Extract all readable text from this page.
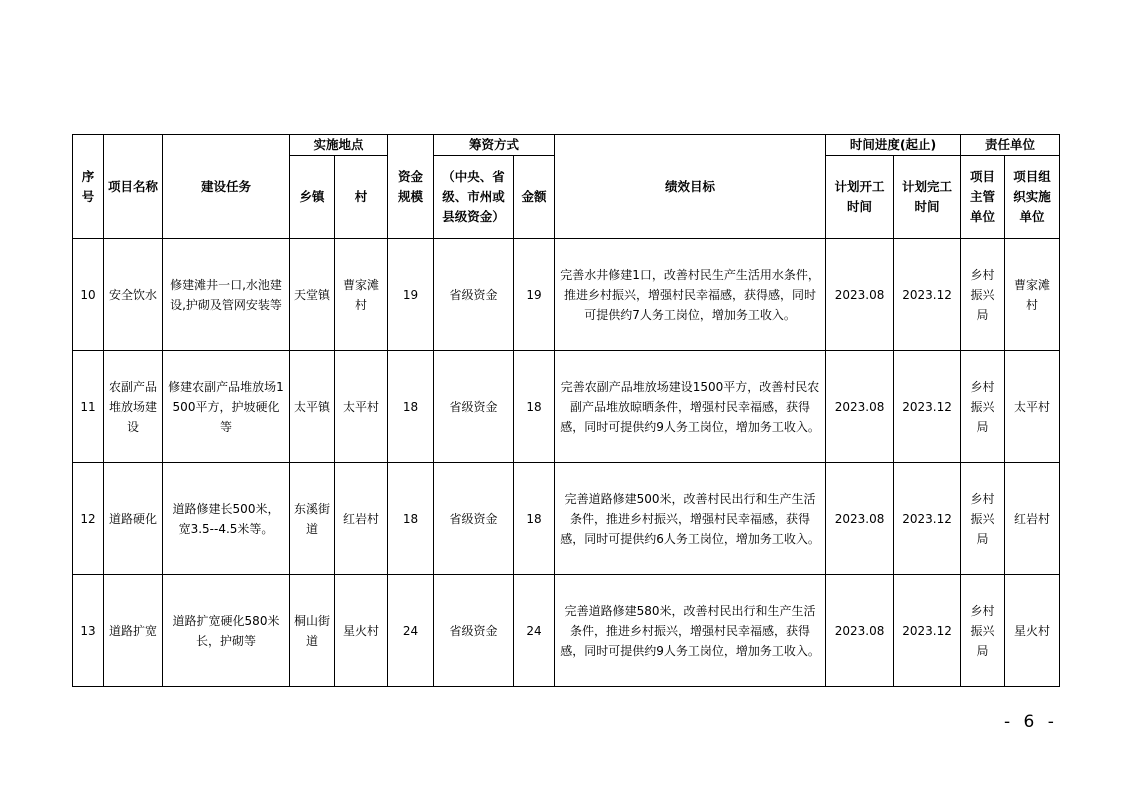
序号	项目名称	建设任务	实施地点		资金规模	筹资方式		绩效目标	时间进度(起止)		责任单位	
			乡镇	村		（中央、省级、市州或县级资金）	金额		计划开工时间	计划完工时间	项目主管单位	项目组织实施单位
10	安全饮水	修建滩井一口,水池建设,护砌及管网安装等	天堂镇	曹家滩村	19	省级资金	19	完善水井修建1口，改善村民生产生活用水条件，推进乡村振兴，增强村民幸福感，获得感，同时可提供约7人务工岗位，增加务工收入。	2023.08	2023.12	乡村振兴局	曹家滩村
11	农副产品堆放场建设	修建农副产品堆放场1500平方，护坡硬化等	太平镇	太平村	18	省级资金	18	完善农副产品堆放场建设1500平方，改善村民农副产品堆放晾晒条件，增强村民幸福感，获得感，同时可提供约9人务工岗位，增加务工收入。	2023.08	2023.12	乡村振兴局	太平村
12	道路硬化	道路修建长500米，宽3.5--4.5米等。	东溪街道	红岩村	18	省级资金	18	完善道路修建500米，改善村民出行和生产生活条件，推进乡村振兴，增强村民幸福感，获得感，同时可提供约6人务工岗位，增加务工收入。	2023.08	2023.12	乡村振兴局	红岩村
13	道路扩宽	道路扩宽硬化580米长，护砌等	桐山街道	星火村	24	省级资金	24	完善道路修建580米，改善村民出行和生产生活条件，推进乡村振兴，增强村民幸福感，获得感，同时可提供约9人务工岗位，增加务工收入。	2023.08	2023.12	乡村振兴局	星火村
- 6 -
